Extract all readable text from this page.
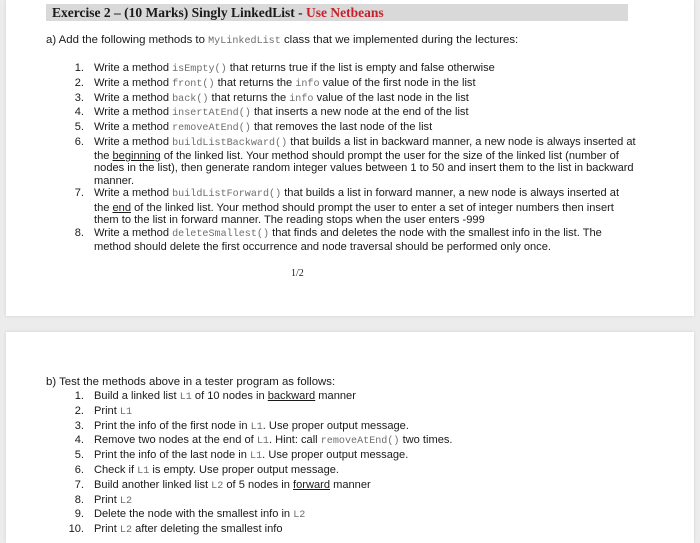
Exercise 2 – (10 Marks) Singly LinkedList - Use Netbeans
a) Add the following methods to MyLinkedList class that we implemented during the lectures:
1. Write a method isEmpty() that returns true if the list is empty and false otherwise
2. Write a method front() that returns the info value of the first node in the list
3. Write a method back() that returns the info value of the last node in the list
4. Write a method insertAtEnd() that inserts a new node at the end of the list
5. Write a method removeAtEnd() that removes the last node of the list
6. Write a method buildListBackward() that builds a list in backward manner, a new node is always inserted at the beginning of the linked list. Your method should prompt the user for the size of the linked list (number of nodes in the list), then generate random integer values between 1 to 50 and insert them to the list in backward manner.
7. Write a method buildListForward() that builds a list in forward manner, a new node is always inserted at the end of the linked list. Your method should prompt the user to enter a set of integer numbers then insert them to the list in forward manner. The reading stops when the user enters -999
8. Write a method deleteSmallest() that finds and deletes the node with the smallest info in the list. The method should delete the first occurrence and node traversal should be performed only once.
1/2
b) Test the methods above in a tester program as follows:
1. Build a linked list L1 of 10 nodes in backward manner
2. Print L1
3. Print the info of the first node in L1. Use proper output message.
4. Remove two nodes at the end of L1. Hint: call removeAtEnd() two times.
5. Print the info of the last node in L1. Use proper output message.
6. Check if L1 is empty. Use proper output message.
7. Build another linked list L2 of 5 nodes in forward manner
8. Print L2
9. Delete the node with the smallest info in L2
10. Print L2 after deleting the smallest info
